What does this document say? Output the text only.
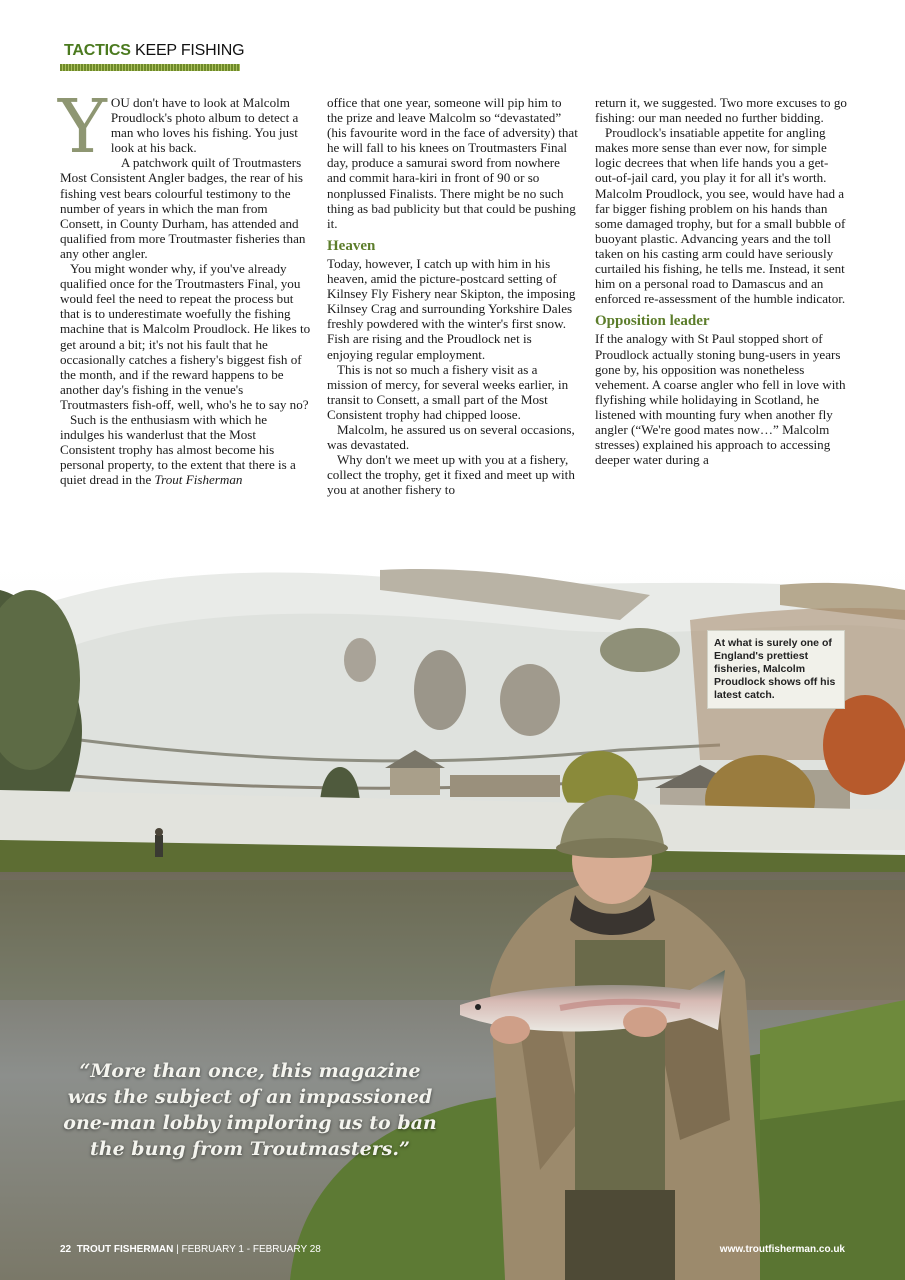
TACTICS KEEP FISHING

YOU don't have to look at Malcolm Proudlock's photo album to detect a man who loves his fishing. You just look at his back.

A patchwork quilt of Troutmasters Most Consistent Angler badges, the rear of his fishing vest bears colourful testimony to the number of years in which the man from Consett, in County Durham, has attended and qualified from more Troutmaster fisheries than any other angler.

You might wonder why, if you've already qualified once for the Troutmasters Final, you would feel the need to repeat the process but that is to underestimate woefully the fishing machine that is Malcolm Proudlock. He likes to get around a bit; it's not his fault that he occasionally catches a fishery's biggest fish of the month, and if the reward happens to be another day's fishing in the venue's Troutmasters fish-off, well, who's he to say no?

Such is the enthusiasm with which he indulges his wanderlust that the Most Consistent trophy has almost become his personal property, to the extent that there is a quiet dread in the Trout Fisherman

office that one year, someone will pip him to the prize and leave Malcolm so “devastated” (his favourite word in the face of adversity) that he will fall to his knees on Troutmasters Final day, produce a samurai sword from nowhere and commit hara-kiri in front of 90 or so nonplussed Finalists. There might be no such thing as bad publicity but that could be pushing it.

Heaven

Today, however, I catch up with him in his heaven, amid the picture-postcard setting of Kilnsey Fly Fishery near Skipton, the imposing Kilnsey Crag and surrounding Yorkshire Dales freshly powdered with the winter's first snow. Fish are rising and the Proudlock net is enjoying regular employment.

This is not so much a fishery visit as a mission of mercy, for several weeks earlier, in transit to Consett, a small part of the Most Consistent trophy had chipped loose.

Malcolm, he assured us on several occasions, was devastated.

Why don't we meet up with you at a fishery, collect the trophy, get it fixed and meet up with you at another fishery to

return it, we suggested. Two more excuses to go fishing: our man needed no further bidding.

Proudlock's insatiable appetite for angling makes more sense than ever now, for simple logic decrees that when life hands you a get-out-of-jail card, you play it for all it's worth. Malcolm Proudlock, you see, would have had a far bigger fishing problem on his hands than some damaged trophy, but for a small bubble of buoyant plastic. Advancing years and the toll taken on his casting arm could have seriously curtailed his fishing, he tells me. Instead, it sent him on a personal road to Damascus and an enforced re-assessment of the humble indicator.

Opposition leader

If the analogy with St Paul stopped short of Proudlock actually stoning bung-users in years gone by, his opposition was nonetheless vehement. A coarse angler who fell in love with flyfishing while holidaying in Scotland, he listened with mounting fury when another fly angler (“We're good mates now…” Malcolm stresses) explained his approach to accessing deeper water during a

At what is surely one of England's prettiest fisheries, Malcolm Proudlock shows off his latest catch.
“More than once, this magazine was the subject of an impassioned one-man lobby imploring us to ban the bung from Troutmasters.”
22 TROUT FISHERMAN | FEBRUARY 1 - FEBRUARY 28	www.troutfisherman.co.uk
